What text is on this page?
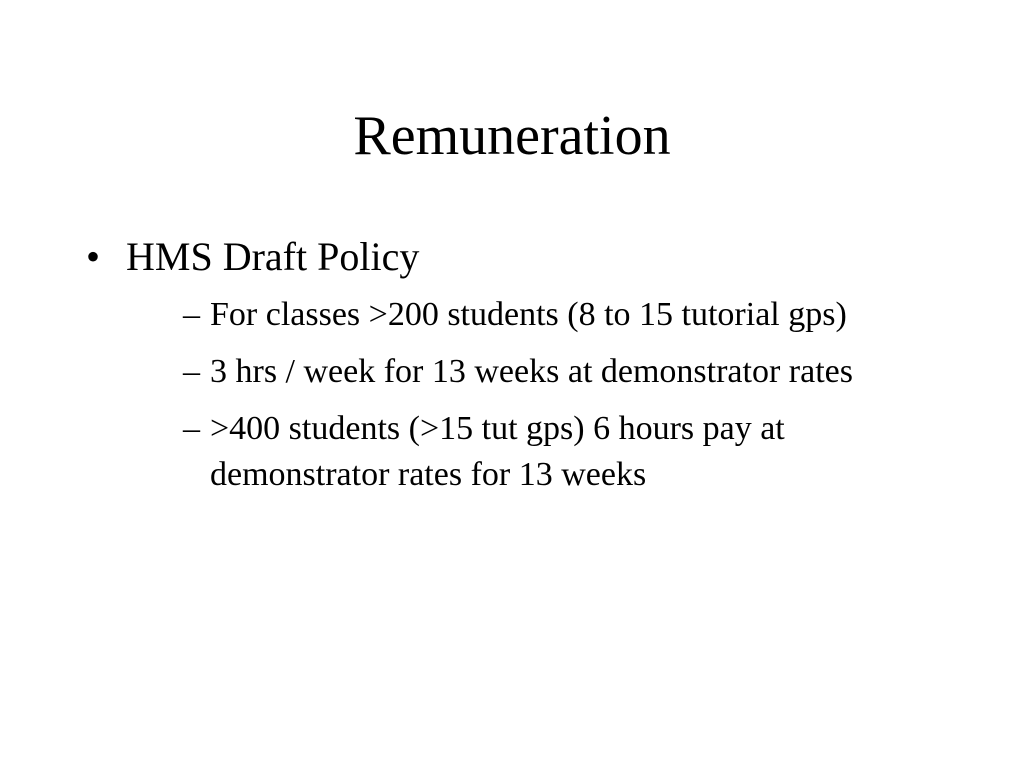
Remuneration
• HMS Draft Policy
– For classes >200 students (8 to 15 tutorial gps)
– 3 hrs / week for 13 weeks at demonstrator rates
– >400 students (>15 tut gps) 6 hours pay at demonstrator rates for 13 weeks
